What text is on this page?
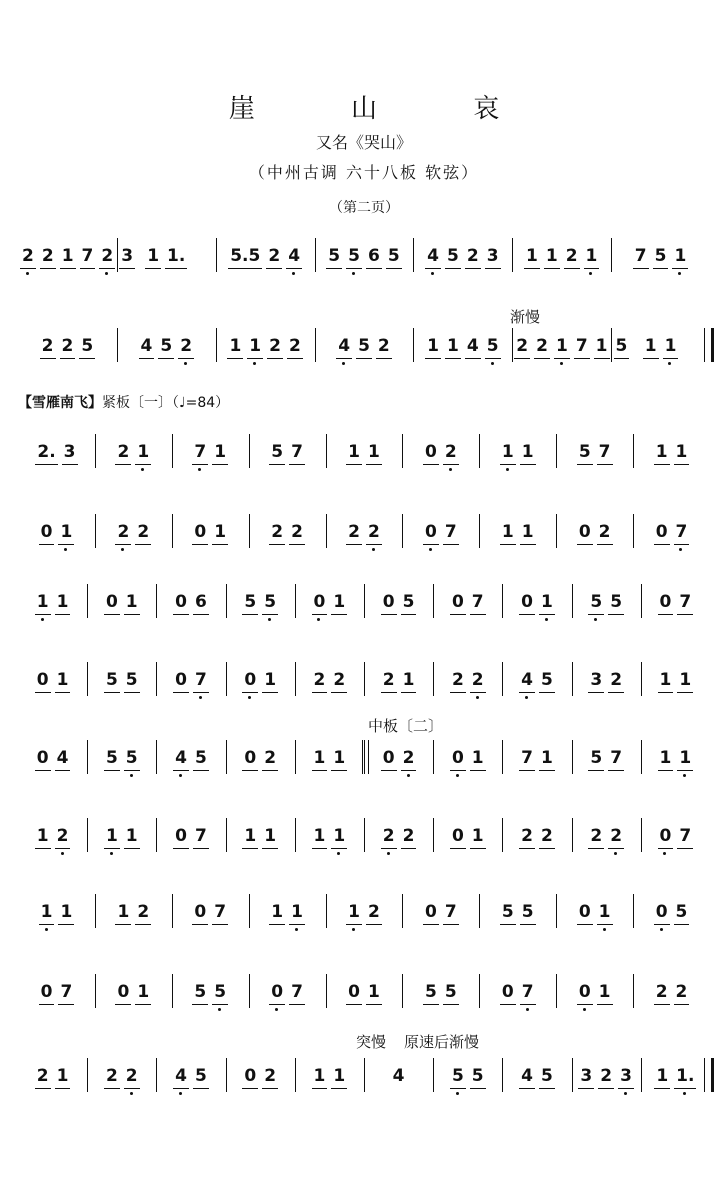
崖 山 哀
又名《哭山》
（中州古调 六十八板 软弦）
（第二页）
渐慢
【雪雁南飞】紧板〔一〕（♩=84）
中板〔二〕
突慢 原速后渐慢
2 2 1 7 2 3 1 1.	5.5 2 4	5 5 6 5	4 5 2 3	1 1 2 1	7 5 1
2 2 5	4 5 2	1 1 2 2	4 5 2	1 1 4 5	2 2 1 7 1 5	1 1
2. 3	2 1	7 1	5 7	1 1	0 2	1 1	5 7	1 1
0 1	2 2	0 1	2 2	2 2	0 7	1 1	0 2	0 7
1 1	0 1	0 6	5 5	0 1	0 5	0 7	0 1	5 5	0 7
0 1	5 5	0 7	0 1	2 2	2 1	2 2	4 5	3 2	1 1
0 4	5 5	4 5	0 2	1 1	0 2	0 1	7 1	5 7	1 1
1 2	1 1	0 7	1 1	1 1	2 2	0 1	2 2	2 2	0 7
1 1	1 2	0 7	1 1	1 2	0 7	5 5	0 1	0 5
0 7	0 1	5 5	0 7	0 1	5 5	0 7	0 1	2 2
2 1	2 2	4 5	0 2	1 1	4	5 5	4 5	3 2 3	1 1.
